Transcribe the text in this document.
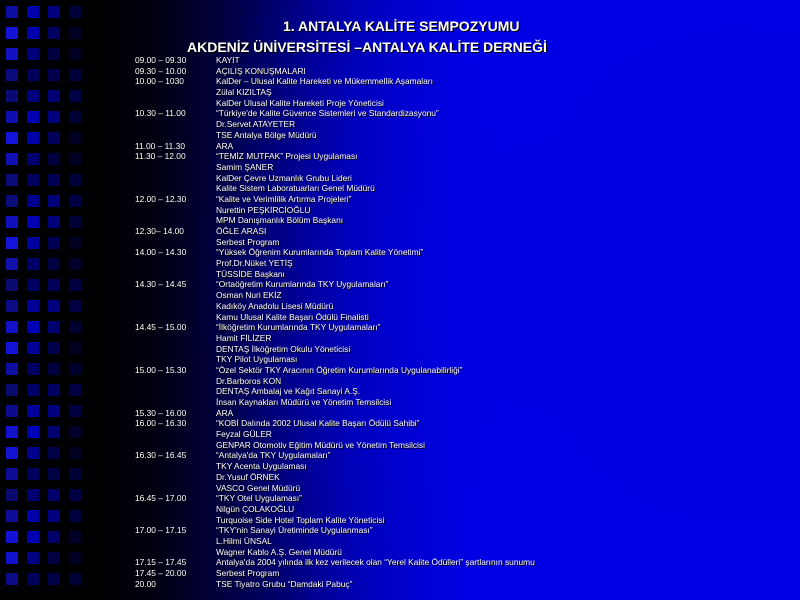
1. ANTALYA KALİTE SEMPOZYUMU
AKDENİZ ÜNİVERSİTESİ –ANTALYA KALİTE DERNEĞİ
09.00 – 09.30	KAYIT
09.30 – 10.00	AÇILIŞ KONUŞMALARI
10.00 – 1030	KalDer – Ulusal Kalite Hareketi ve Mükemmellik Aşamaları
Zülal KIZILTAŞ
KalDer Ulusal Kalite Hareketi Proje Yöneticisi
10.30 – 11.00	“Türkiye'de Kalite Güvence Sistemleri ve Standardizasyonu”
Dr.Servet ATAYETER
TSE Antalya Bölge Müdürü
11.00 – 11.30	ARA
11.30 – 12.00	“TEMİZ MUTFAK” Projesi Uygulaması
Samim ŞANER
KalDer Çevre Uzmanlık Grubu Lideri
Kalite Sistem Laboratuarları Genel Müdürü
12.00 – 12.30	“Kalite ve Verimlilik Artırma Projeleri”
Nurettin PEŞKİRCİOĞLU
MPM Danışmanlık Bölüm Başkanı
12.30– 14.00	ÖĞLE ARASI
Serbest Program
14.00 – 14.30	“Yüksek Öğrenim Kurumlarında Toplam Kalite Yönetimi”
Prof.Dr.Nüket YETİŞ
TÜSSİDE Başkanı
14.30 – 14.45	“Ortaöğretim Kurumlarında TKY Uygulamaları”
Osman Nuri EKİZ
Kadıköy Anadolu Lisesi Müdürü
Kamu Ulusal Kalite Başarı Ödülü Finalisti
14.45 – 15.00	“İlköğretim Kurumlarında TKY Uygulamaları”
Hamit FİLİZER
DENTAŞ İlköğretim Okulu Yöneticisi
TKY Pilot Uygulaması
15.00 – 15.30	“Özel Sektör TKY Aracının Öğretim Kurumlarında Uygulanabilirliği”
Dr.Barboros KON
DENTAŞ Ambalaj ve Kağıt Sanayi A.Ş.
İnsan Kaynakları Müdürü ve Yönetim Temsilcisi
15.30 – 16.00	ARA
16.00 – 16.30	“KOBİ Dalında 2002 Ulusal Kalite Başarı Ödülü Sahibi”
Feyzal GÜLER
GENPAR Otomotiv Eğitim Müdürü ve Yönetim Temsilcisi
16.30 – 16.45	“Antalya'da TKY Uygulamaları”
TKY Acenta Uygulaması
Dr.Yusuf ÖRNEK
VASCO Genel Müdürü
16.45 – 17.00	“TKY Otel Uygulaması”
Nilgün ÇOLAKOĞLU
Turquoise Side Hotel Toplam Kalite Yöneticisi
17.00 – 17.15	“TKY'nin Sanayi Üretiminde Uygulanması”
L.Hilmi ÜNSAL
Wagner Kablo A.Ş. Genel Müdürü
17.15 – 17.45	Antalya'da 2004 yılında ilk kez verilecek olan “Yerel Kalite Ödülleri” şartlarının sunumu
17.45 – 20.00	Serbest Program
20.00	TSE Tiyatro Grubu “Damdaki Pabuç”
